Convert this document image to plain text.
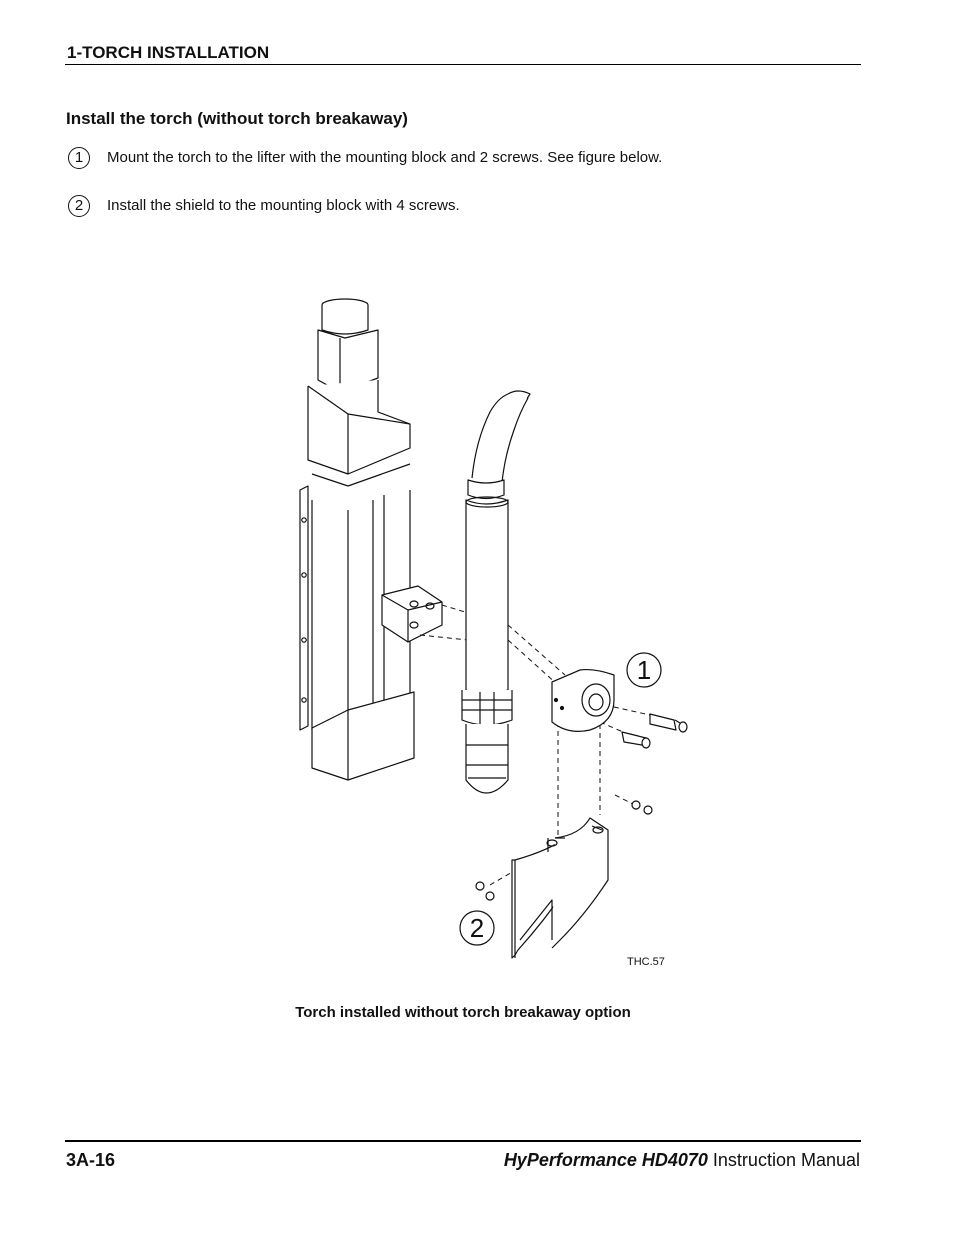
1-TORCH INSTALLATION
Install the torch (without torch breakaway)
1	Mount the torch to the lifter with the mounting block and 2 screws. See figure below.
2	Install the shield to the mounting block with 4 screws.
1
2
THC.57
Torch installed without torch breakaway option
3A-16	HyPerformance HD4070 Instruction Manual
